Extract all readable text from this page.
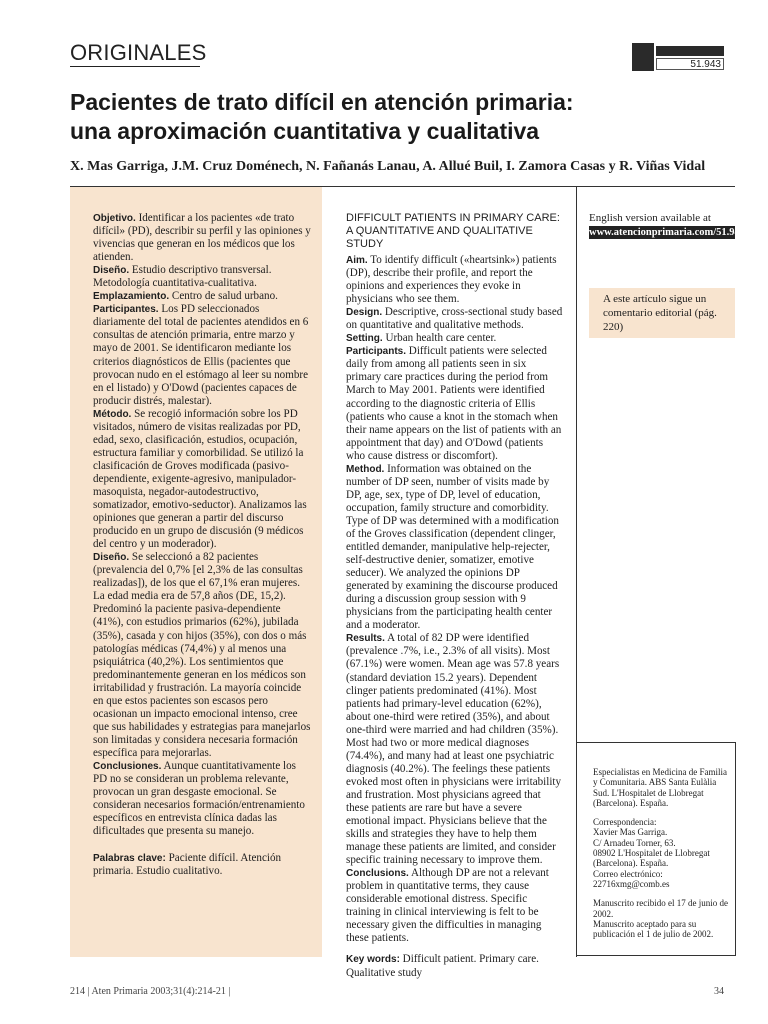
ORIGINALES	51.943
Pacientes de trato difícil en atención primaria:
una aproximación cuantitativa y cualitativa
X. Mas Garriga, J.M. Cruz Doménech, N. Fañanás Lanau, A. Allué Buil, I. Zamora Casas y R. Viñas Vidal

Objetivo. Identificar a los pacientes «de trato difícil» (PD), describir su perfil y las opiniones y vivencias que generan en los médicos que los atienden.

Diseño. Estudio descriptivo transversal. Metodología cuantitativa-cualitativa.

Emplazamiento. Centro de salud urbano.

Participantes. Los PD seleccionados diariamente del total de pacientes atendidos en 6 consultas de atención primaria, entre marzo y mayo de 2001. Se identificaron mediante los criterios diagnósticos de Ellis (pacientes que provocan nudo en el estómago al leer su nombre en el listado) y O'Dowd (pacientes capaces de producir distrés, malestar).

Método. Se recogió información sobre los PD visitados, número de visitas realizadas por PD, edad, sexo, clasificación, estudios, ocupación, estructura familiar y comorbilidad. Se utilizó la clasificación de Groves modificada (pasivo-dependiente, exigente-agresivo, manipulador-masoquista, negador-autodestructivo, somatizador, emotivo-seductor). Analizamos las opiniones que generan a partir del discurso producido en un grupo de discusión (9 médicos del centro y un moderador).

Diseño. Se seleccionó a 82 pacientes (prevalencia del 0,7% [el 2,3% de las consultas realizadas]), de los que el 67,1% eran mujeres. La edad media era de 57,8 años (DE, 15,2). Predominó la paciente pasiva-dependiente (41%), con estudios primarios (62%), jubilada (35%), casada y con hijos (35%), con dos o más patologías médicas (74,4%) y al menos una psiquiátrica (40,2%). Los sentimientos que predominantemente generan en los médicos son irritabilidad y frustración. La mayoría coincide en que estos pacientes son escasos pero ocasionan un impacto emocional intenso, cree que sus habilidades y estrategias para manejarlos son limitadas y considera necesaria formación específica para mejorarlas.

Conclusiones. Aunque cuantitativamente los PD no se consideran un problema relevante, provocan un gran desgaste emocional. Se consideran necesarios formación/entrenamiento específicos en entrevista clínica dadas las dificultades que presenta su manejo.

Palabras clave: Paciente difícil. Atención primaria. Estudio cualitativo.

DIFFICULT PATIENTS IN PRIMARY CARE: A QUANTITATIVE AND QUALITATIVE STUDY

Aim. To identify difficult («heartsink») patients (DP), describe their profile, and report the opinions and experiences they evoke in physicians who see them.

Design. Descriptive, cross-sectional study based on quantitative and qualitative methods.

Setting. Urban health care center.

Participants. Difficult patients were selected daily from among all patients seen in six primary care practices during the period from March to May 2001. Patients were identified according to the diagnostic criteria of Ellis (patients who cause a knot in the stomach when their name appears on the list of patients with an appointment that day) and O'Dowd (patients who cause distress or discomfort).

Method. Information was obtained on the number of DP seen, number of visits made by DP, age, sex, type of DP, level of education, occupation, family structure and comorbidity. Type of DP was determined with a modification of the Groves classification (dependent clinger, entitled demander, manipulative help-rejecter, self-destructive denier, somatizer, emotive seducer). We analyzed the opinions DP generated by examining the discourse produced during a discussion group session with 9 physicians from the participating health center and a moderator.

Results. A total of 82 DP were identified (prevalence .7%, i.e., 2.3% of all visits). Most (67.1%) were women. Mean age was 57.8 years (standard deviation 15.2 years). Dependent clinger patients predominated (41%). Most patients had primary-level education (62%), about one-third were retired (35%), and about one-third were married and had children (35%). Most had two or more medical diagnoses (74.4%), and many had at least one psychiatric diagnosis (40.2%). The feelings these patients evoked most often in physicians were irritability and frustration. Most physicians agreed that these patients are rare but have a severe emotional impact. Physicians believe that the skills and strategies they have to help them manage these patients are limited, and consider specific training necessary to improve them.

Conclusions. Although DP are not a relevant problem in quantitative terms, they cause considerable emotional distress. Specific training in clinical interviewing is felt to be necessary given the difficulties in managing these patients.

Key words: Difficult patient. Primary care. Qualitative study

English version available at
www.atencionprimaria.com/51.944
A este artículo sigue un comentario editorial (pág. 220)

Especialistas en Medicina de Familia y Comunitaria. ABS Santa Eulàlia Sud. L'Hospitalet de Llobregat (Barcelona). España.

Correspondencia:

Xavier Mas Garriga.

C/ Arnadeu Torner, 63.

08902 L'Hospitalet de Llobregat

(Barcelona). España.

Correo electrónico:

22716xmg@comb.es

Manuscrito recibido el 17 de junio de 2002.

Manuscrito aceptado para su publicación el 1 de julio de 2002.

214 | Aten Primaria 2003;31(4):214-21 |	34
